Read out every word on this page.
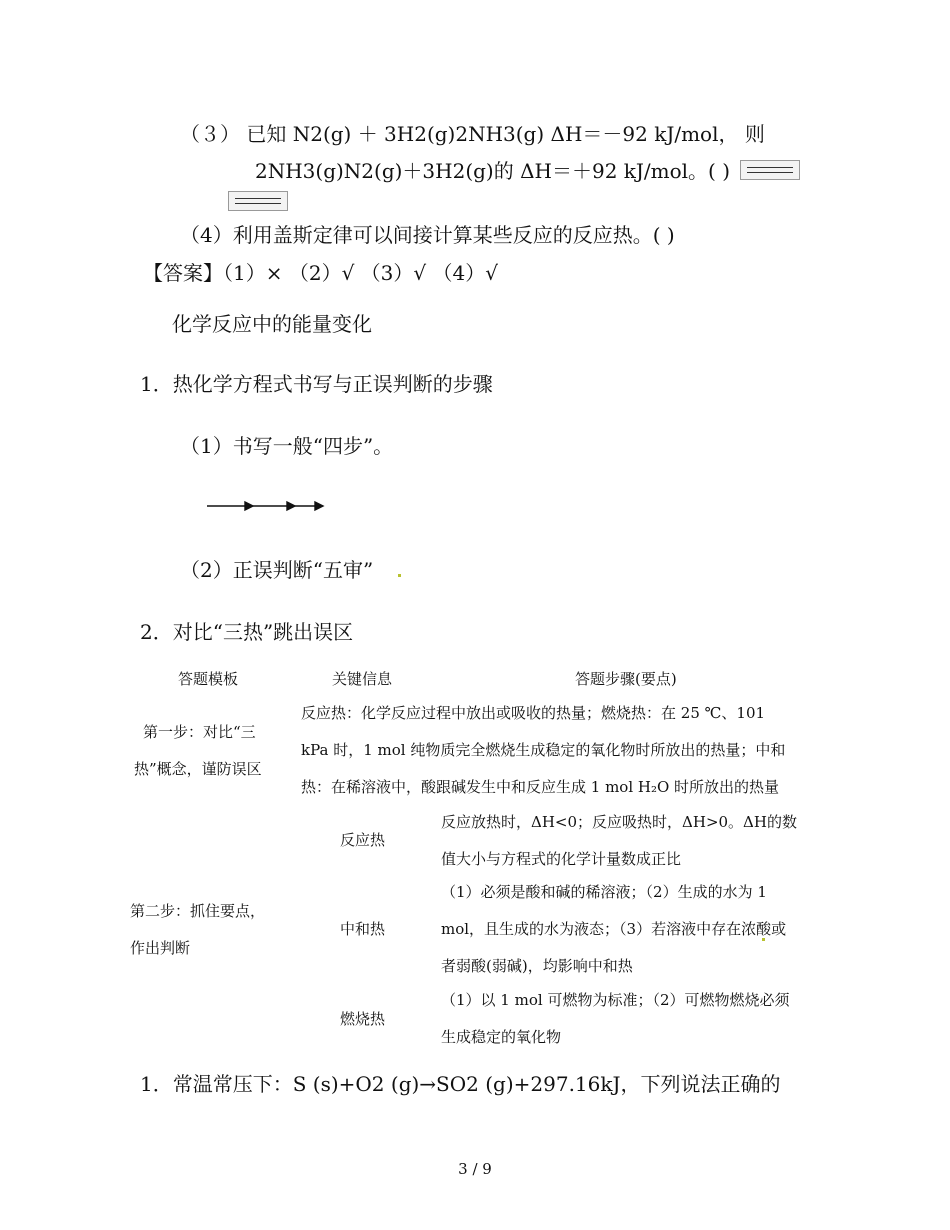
（３） 已知 N2(g) ＋ 3H2(g)2NH3(g) ΔH＝－92 kJ/mol， 则
2NH3(g)N2(g)＋3H2(g)的 ΔH＝＋92 kJ/mol。( )
（4）利用盖斯定律可以间接计算某些反应的反应热。( )
【答案】（1）× （2）√ （3）√ （4）√
化学反应中的能量变化
1．热化学方程式书写与正误判断的步骤
（1）书写一般“四步”。
（2）正误判断“五审”
2．对比“三热”跳出误区
答题模板	关键信息	答题步骤(要点)
第一步：对比“三
热”概念，谨防误区
反应热：化学反应过程中放出或吸收的热量；燃烧热：在 25 ℃、101
kPa 时，1 mol 纯物质完全燃烧生成稳定的氧化物时所放出的热量；中和
热：在稀溶液中，酸跟碱发生中和反应生成 1 mol H₂O 时所放出的热量
第二步：抓住要点，
作出判断
反应热
反应放热时，ΔH<0；反应吸热时，ΔH>0。ΔH的数
值大小与方程式的化学计量数成正比
中和热
（1）必须是酸和碱的稀溶液；（2）生成的水为 1
mol，且生成的水为液态；（3）若溶液中存在浓酸或
者弱酸(弱碱)，均影响中和热
燃烧热
（1）以 1 mol 可燃物为标准；（2）可燃物燃烧必须
生成稳定的氧化物
1．常温常压下：S (s)+O2 (g)→SO2 (g)+297.16kJ，下列说法正确的
3 / 9
